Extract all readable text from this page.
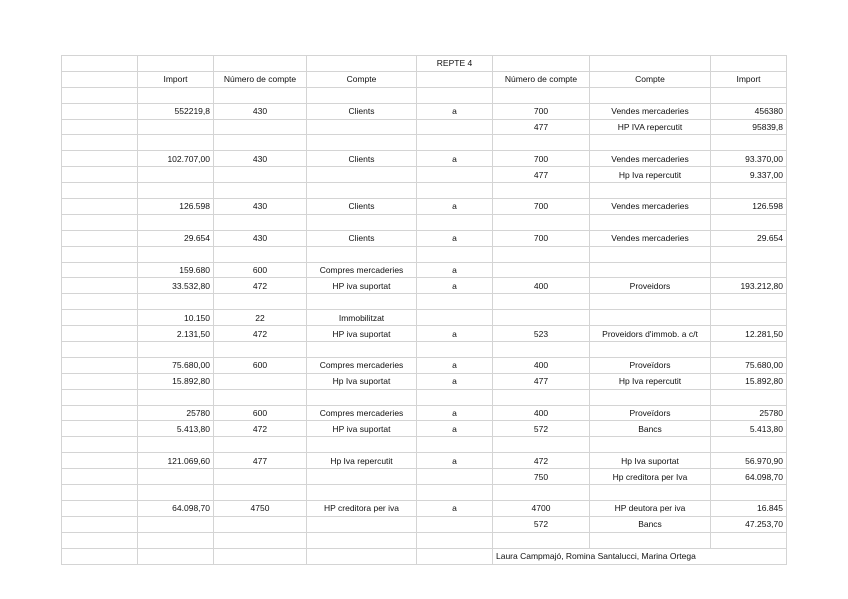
				REPTE 4			
	Import	Número de compte	Compte		Número de compte	Compte	Import

	552219,8	430	Clients	a	700	Vendes mercaderies	456380
					477	HP IVA repercutit	95839,8

	102.707,00	430	Clients	a	700	Vendes mercaderies	93.370,00
					477	Hp Iva repercutit	9.337,00

	126.598	430	Clients	a	700	Vendes mercaderies	126.598

	29.654	430	Clients	a	700	Vendes mercaderies	29.654

	159.680	600	Compres mercaderies	a			
	33.532,80	472	HP iva suportat	a	400	Proveidors	193.212,80

	10.150	22	Immobilitzat				
	2.131,50	472	HP iva suportat	a	523	Proveidors d'immob. a c/t	12.281,50

	75.680,00	600	Compres mercaderies	a	400	Proveïdors	75.680,00
	15.892,80		Hp Iva suportat	a	477	Hp Iva repercutit	15.892,80

	25780	600	Compres mercaderies	a	400	Proveïdors	25780
	5.413,80	472	HP iva suportat	a	572	Bancs	5.413,80

	121.069,60	477	Hp Iva repercutit	a	472	Hp Iva suportat	56.970,90
					750	Hp creditora per Iva	64.098,70

	64.098,70	4750	HP creditora per iva	a	4700	HP deutora per iva	16.845
					572	Bancs	47.253,70

					Laura Campmajó, Romina Santalucci, Marina Ortega		
